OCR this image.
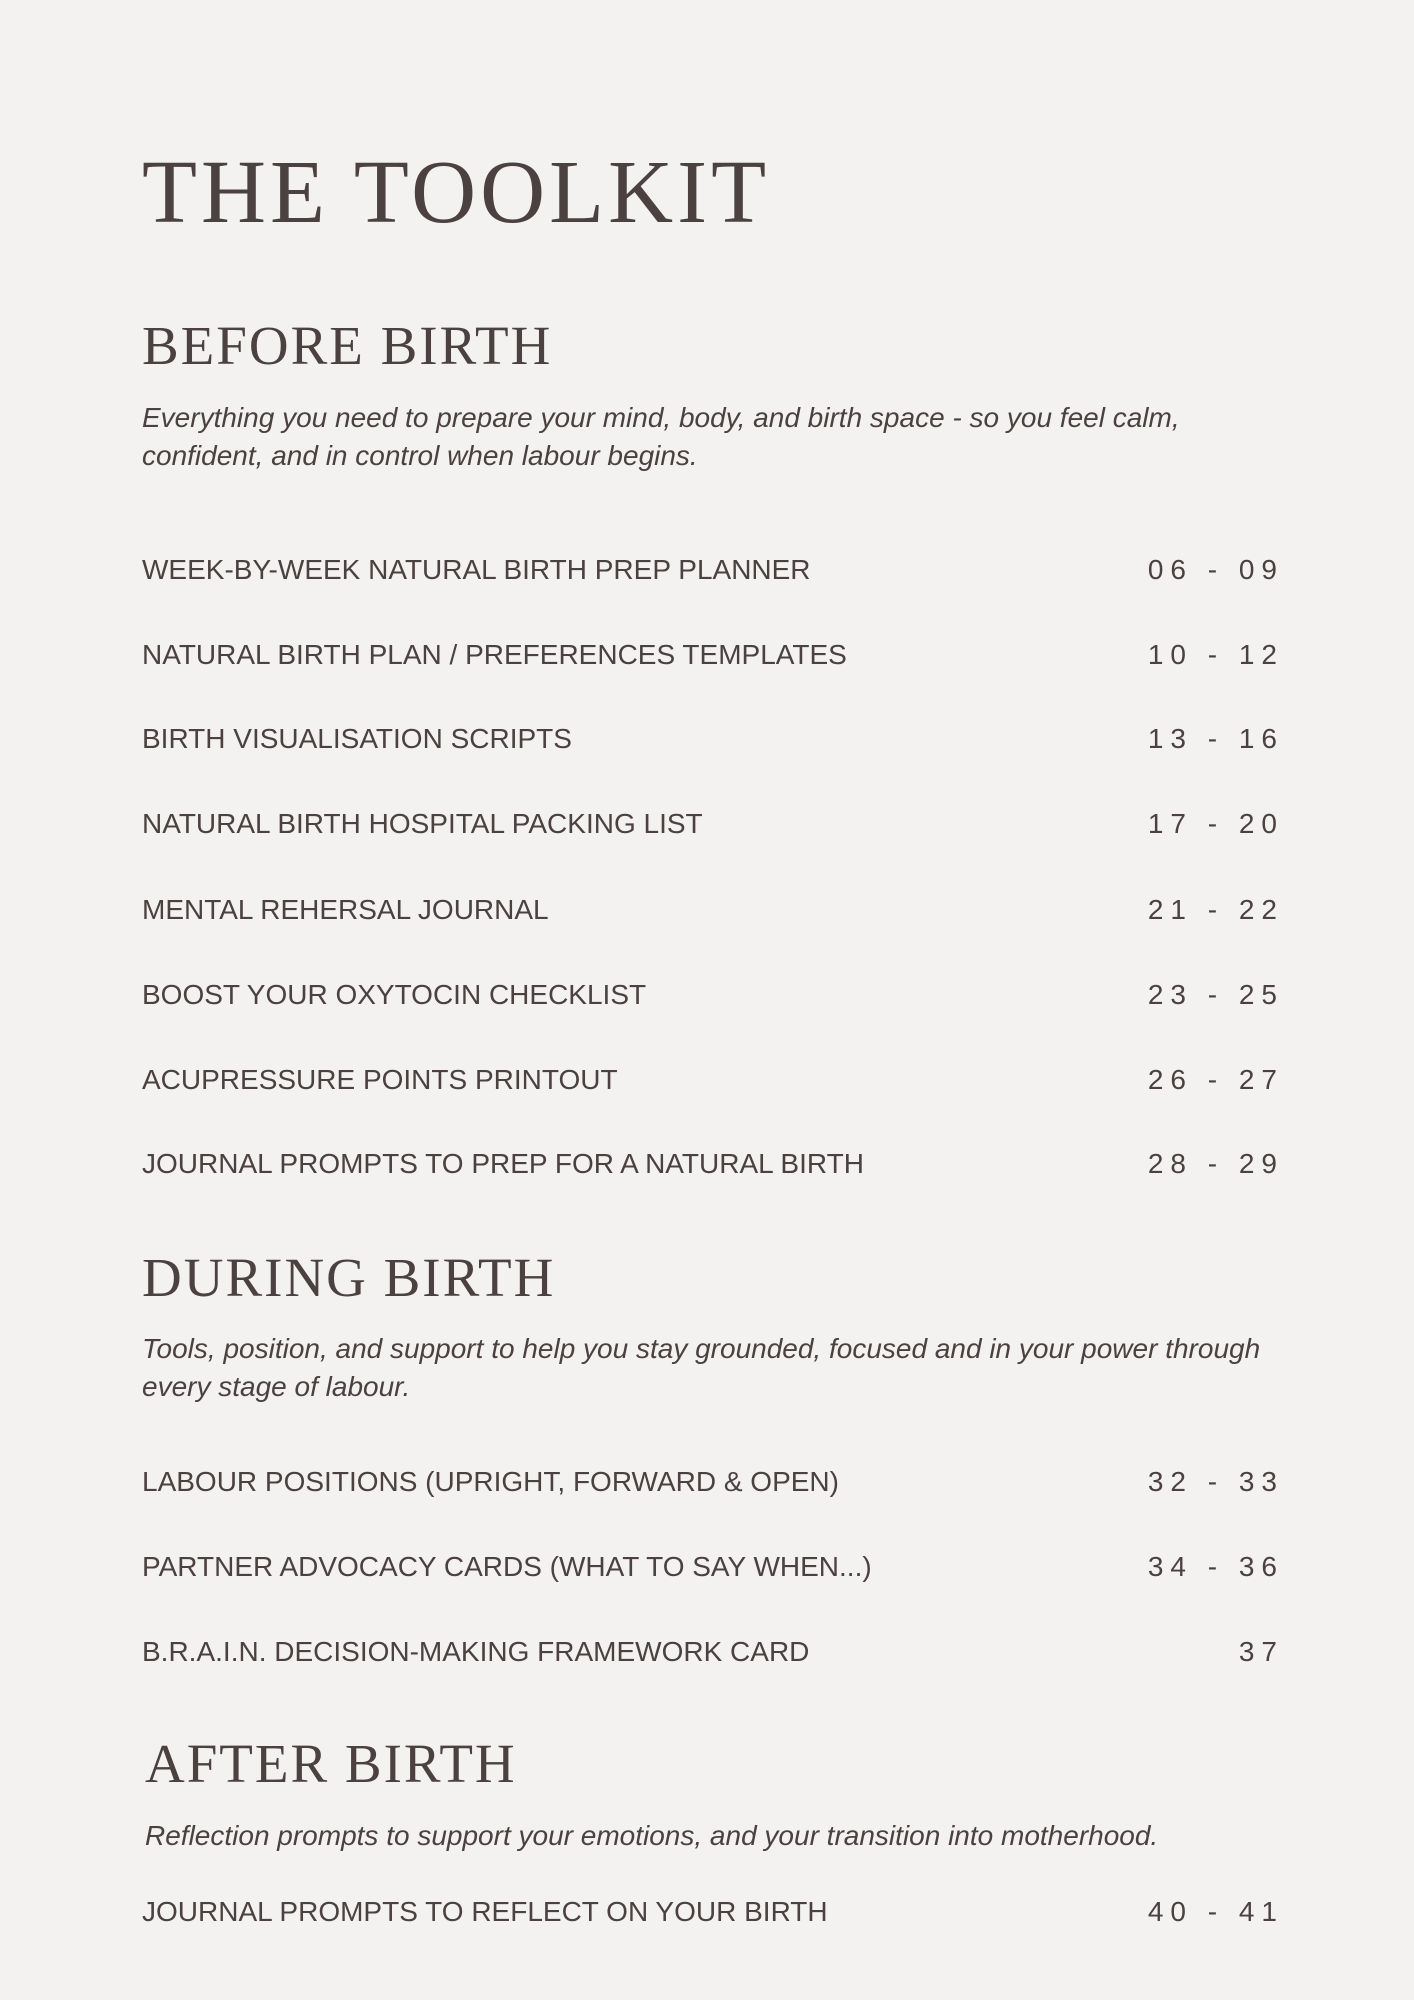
THE TOOLKIT
BEFORE BIRTH

Everything you need to prepare your mind, body, and birth space - so you feel calm, confident, and in control when labour begins.

WEEK-BY-WEEK NATURAL BIRTH PREP PLANNER	06 - 09
NATURAL BIRTH PLAN / PREFERENCES TEMPLATES	10 - 12
BIRTH VISUALISATION SCRIPTS	13 - 16
NATURAL BIRTH HOSPITAL PACKING LIST	17 - 20
MENTAL REHERSAL JOURNAL	21 - 22
BOOST YOUR OXYTOCIN CHECKLIST	23 - 25
ACUPRESSURE POINTS PRINTOUT	26 - 27
JOURNAL PROMPTS TO PREP FOR A NATURAL BIRTH	28 - 29
DURING BIRTH

Tools, position, and support to help you stay grounded, focused and in your power through every stage of labour.

LABOUR POSITIONS (UPRIGHT, FORWARD & OPEN)	32 - 33
PARTNER ADVOCACY CARDS (WHAT TO SAY WHEN...)	34 - 36
B.R.A.I.N. DECISION-MAKING FRAMEWORK CARD	37
AFTER BIRTH

Reflection prompts to support your emotions, and your transition into motherhood.

JOURNAL PROMPTS TO REFLECT ON YOUR BIRTH	40 - 41
